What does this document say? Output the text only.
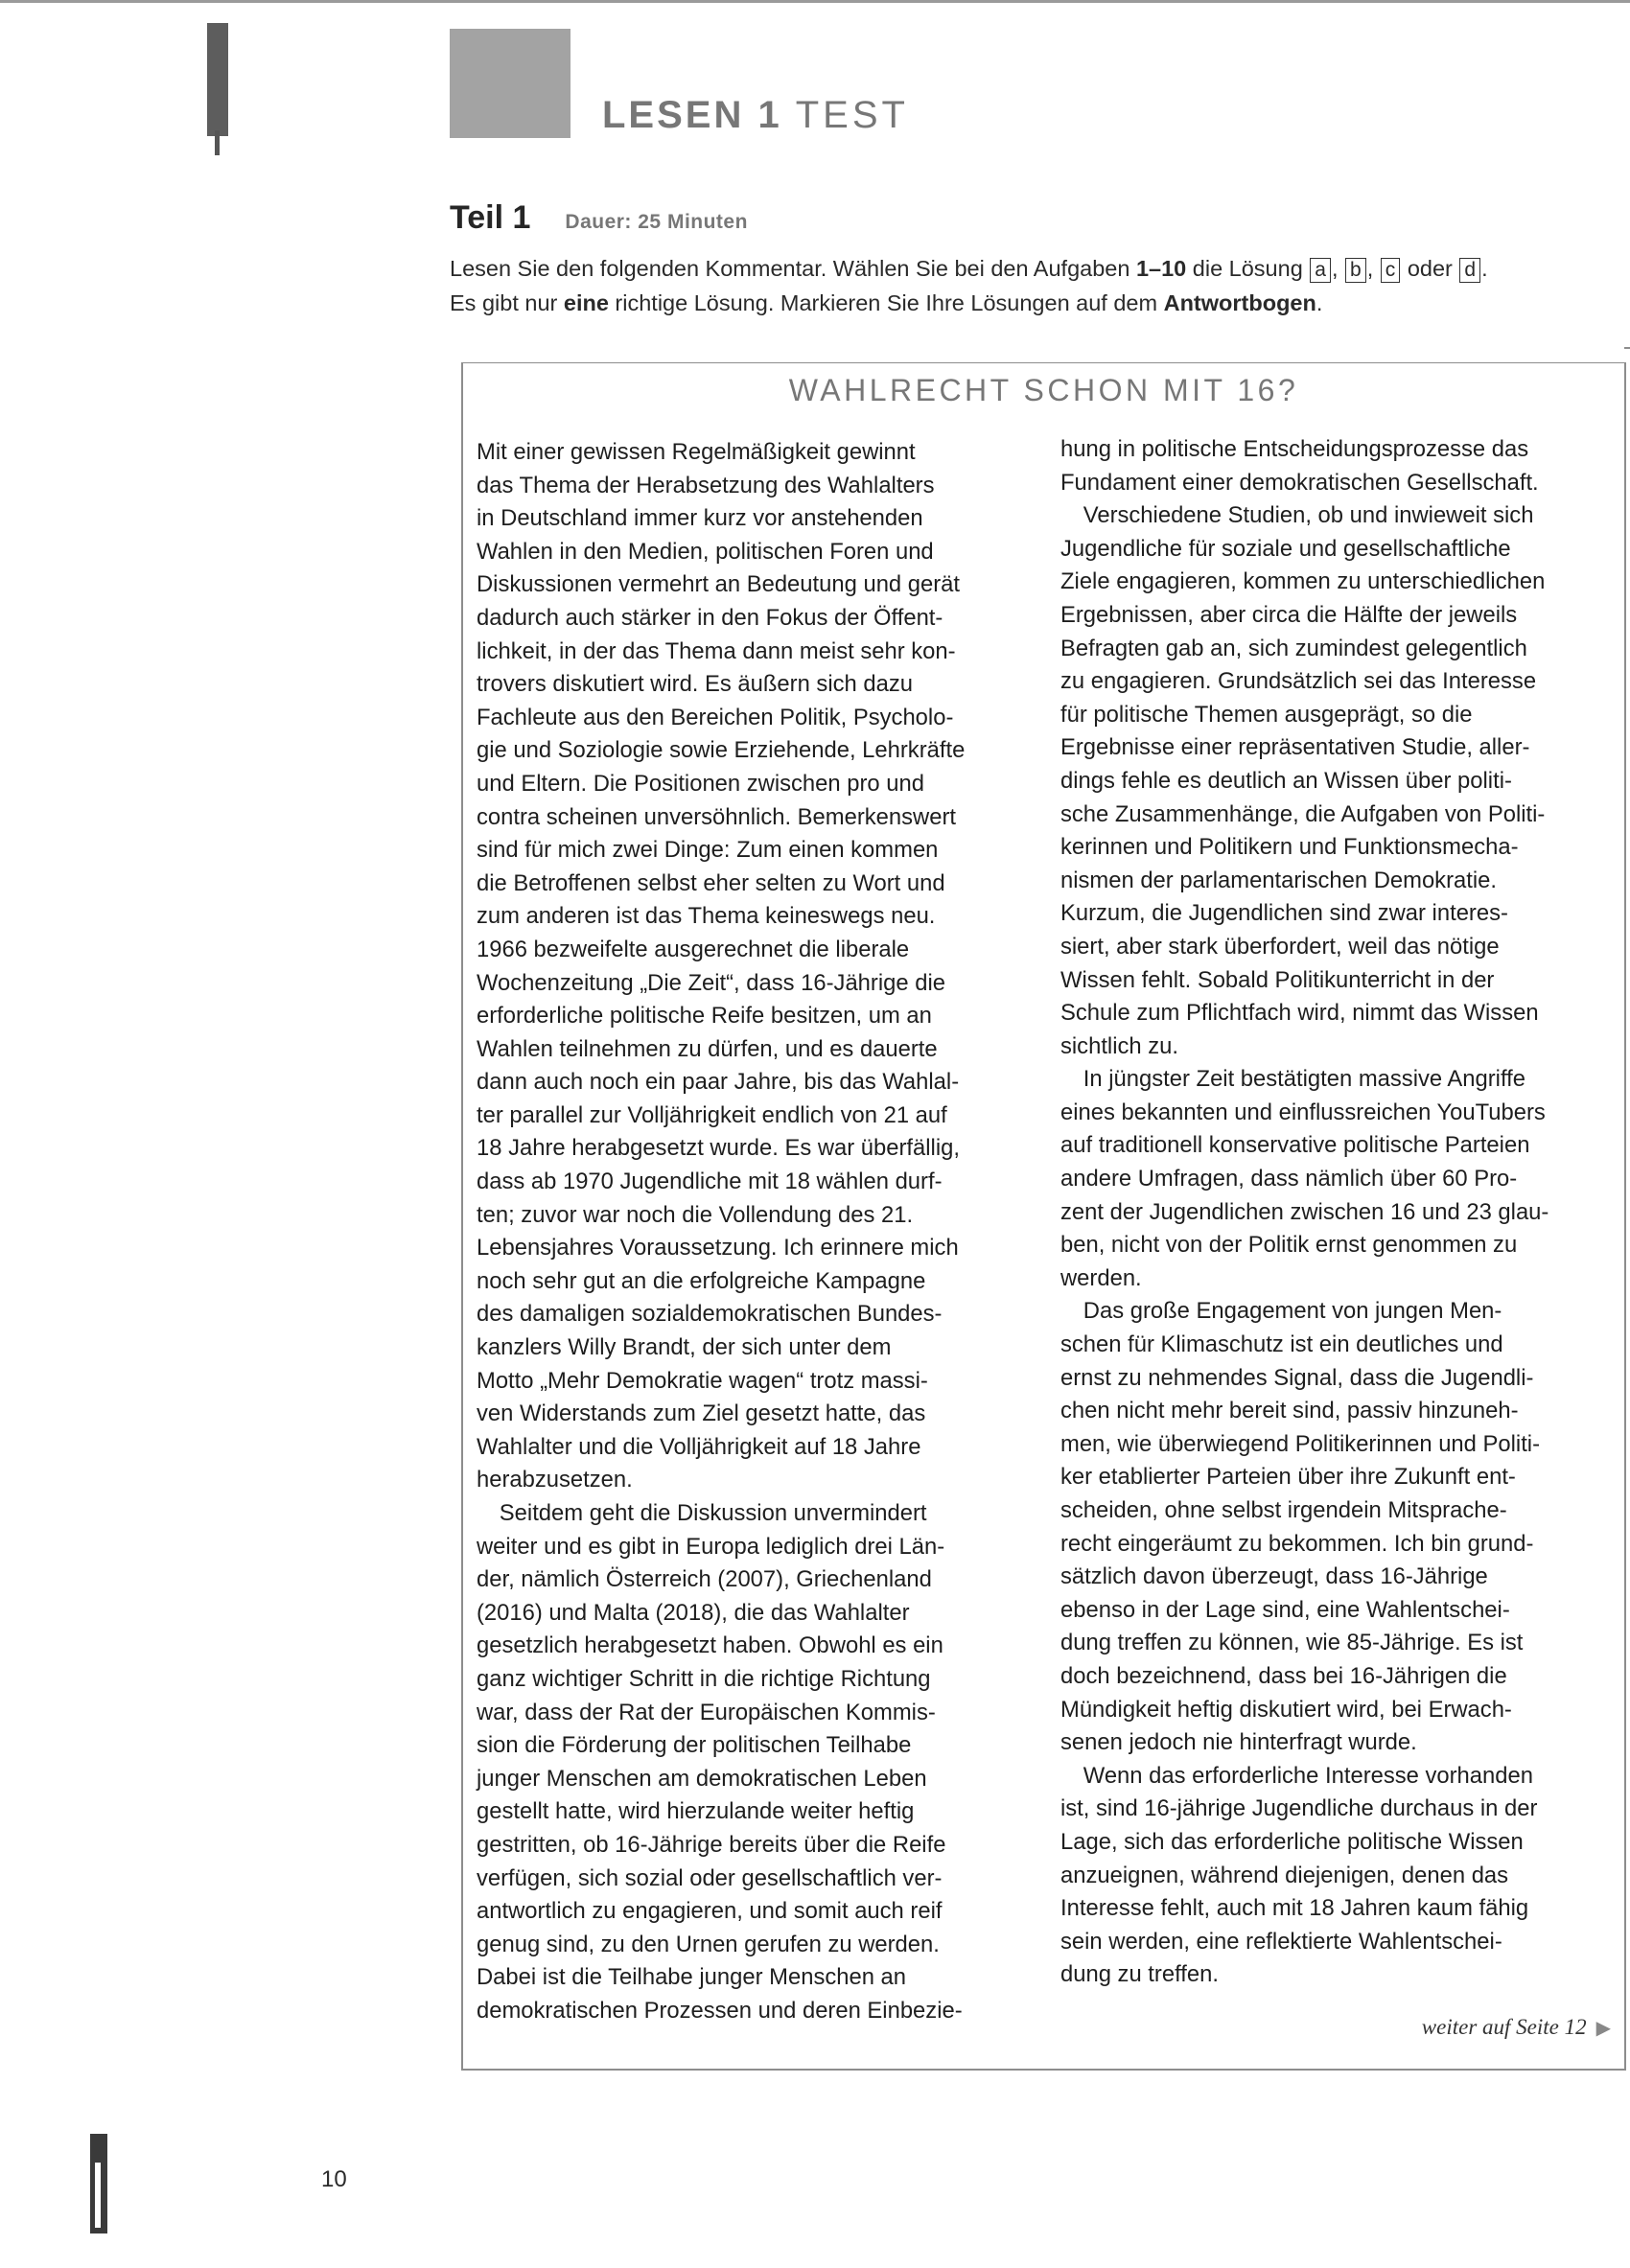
LESEN 1 TEST
Teil 1 Dauer: 25 Minuten
Lesen Sie den folgenden Kommentar. Wählen Sie bei den Aufgaben 1–10 die Lösung a , b , c oder d .
Es gibt nur eine richtige Lösung. Markieren Sie Ihre Lösungen auf dem Antwortbogen.
WAHLRECHT SCHON MIT 16?
Mit einer gewissen Regelmäßigkeit gewinnt
das Thema der Herabsetzung des Wahlalters
in Deutschland immer kurz vor anstehenden
Wahlen in den Medien, politischen Foren und
Diskussionen vermehrt an Bedeutung und gerät
dadurch auch stärker in den Fokus der Öffent-
lichkeit, in der das Thema dann meist sehr kon-
trovers diskutiert wird. Es äußern sich dazu
Fachleute aus den Bereichen Politik, Psycholo-
gie und Soziologie sowie Erziehende, Lehrkräfte
und Eltern. Die Positionen zwischen pro und
contra scheinen unversöhnlich. Bemerkenswert
sind für mich zwei Dinge: Zum einen kommen
die Betroffenen selbst eher selten zu Wort und
zum anderen ist das Thema keineswegs neu.
1966 bezweifelte ausgerechnet die liberale
Wochenzeitung „Die Zeit“, dass 16-Jährige die
erforderliche politische Reife besitzen, um an
Wahlen teilnehmen zu dürfen, und es dauerte
dann auch noch ein paar Jahre, bis das Wahlal-
ter parallel zur Volljährigkeit endlich von 21 auf
18 Jahre herabgesetzt wurde. Es war überfällig,
dass ab 1970 Jugendliche mit 18 wählen durf-
ten; zuvor war noch die Vollendung des 21.
Lebensjahres Voraussetzung. Ich erinnere mich
noch sehr gut an die erfolgreiche Kampagne
des damaligen sozialdemokratischen Bundes-
kanzlers Willy Brandt, der sich unter dem
Motto „Mehr Demokratie wagen“ trotz massi-
ven Widerstands zum Ziel gesetzt hatte, das
Wahlalter und die Volljährigkeit auf 18 Jahre
herabzusetzen.
 Seitdem geht die Diskussion unvermindert
weiter und es gibt in Europa lediglich drei Län-
der, nämlich Österreich (2007), Griechenland
(2016) und Malta (2018), die das Wahlalter
gesetzlich herabgesetzt haben. Obwohl es ein
ganz wichtiger Schritt in die richtige Richtung
war, dass der Rat der Europäischen Kommis-
sion die Förderung der politischen Teilhabe
junger Menschen am demokratischen Leben
gestellt hatte, wird hierzulande weiter heftig
gestritten, ob 16-Jährige bereits über die Reife
verfügen, sich sozial oder gesellschaftlich ver-
antwortlich zu engagieren, und somit auch reif
genug sind, zu den Urnen gerufen zu werden.
Dabei ist die Teilhabe junger Menschen an
demokratischen Prozessen und deren Einbezie-
hung in politische Entscheidungsprozesse das
Fundament einer demokratischen Gesellschaft.
 Verschiedene Studien, ob und inwieweit sich
Jugendliche für soziale und gesellschaftliche
Ziele engagieren, kommen zu unterschiedlichen
Ergebnissen, aber circa die Hälfte der jeweils
Befragten gab an, sich zumindest gelegentlich
zu engagieren. Grundsätzlich sei das Interesse
für politische Themen ausgeprägt, so die
Ergebnisse einer repräsentativen Studie, aller-
dings fehle es deutlich an Wissen über politi-
sche Zusammenhänge, die Aufgaben von Politi-
kerinnen und Politikern und Funktionsmecha-
nismen der parlamentarischen Demokratie.
Kurzum, die Jugendlichen sind zwar interes-
siert, aber stark überfordert, weil das nötige
Wissen fehlt. Sobald Politikunterricht in der
Schule zum Pflichtfach wird, nimmt das Wissen
sichtlich zu.
 In jüngster Zeit bestätigten massive Angriffe
eines bekannten und einflussreichen YouTubers
auf traditionell konservative politische Parteien
andere Umfragen, dass nämlich über 60 Pro-
zent der Jugendlichen zwischen 16 und 23 glau-
ben, nicht von der Politik ernst genommen zu
werden.
 Das große Engagement von jungen Men-
schen für Klimaschutz ist ein deutliches und
ernst zu nehmendes Signal, dass die Jugendli-
chen nicht mehr bereit sind, passiv hinzuneh-
men, wie überwiegend Politikerinnen und Politi-
ker etablierter Parteien über ihre Zukunft ent-
scheiden, ohne selbst irgendein Mitsprache-
recht eingeräumt zu bekommen. Ich bin grund-
sätzlich davon überzeugt, dass 16-Jährige
ebenso in der Lage sind, eine Wahlentschei-
dung treffen zu können, wie 85-Jährige. Es ist
doch bezeichnend, dass bei 16-Jährigen die
Mündigkeit heftig diskutiert wird, bei Erwach-
senen jedoch nie hinterfragt wurde.
 Wenn das erforderliche Interesse vorhanden
ist, sind 16-jährige Jugendliche durchaus in der
Lage, sich das erforderliche politische Wissen
anzueignen, während diejenigen, denen das
Interesse fehlt, auch mit 18 Jahren kaum fähig
sein werden, eine reflektierte Wahlentschei-
dung zu treffen.
weiter auf Seite 12 ▶
10
